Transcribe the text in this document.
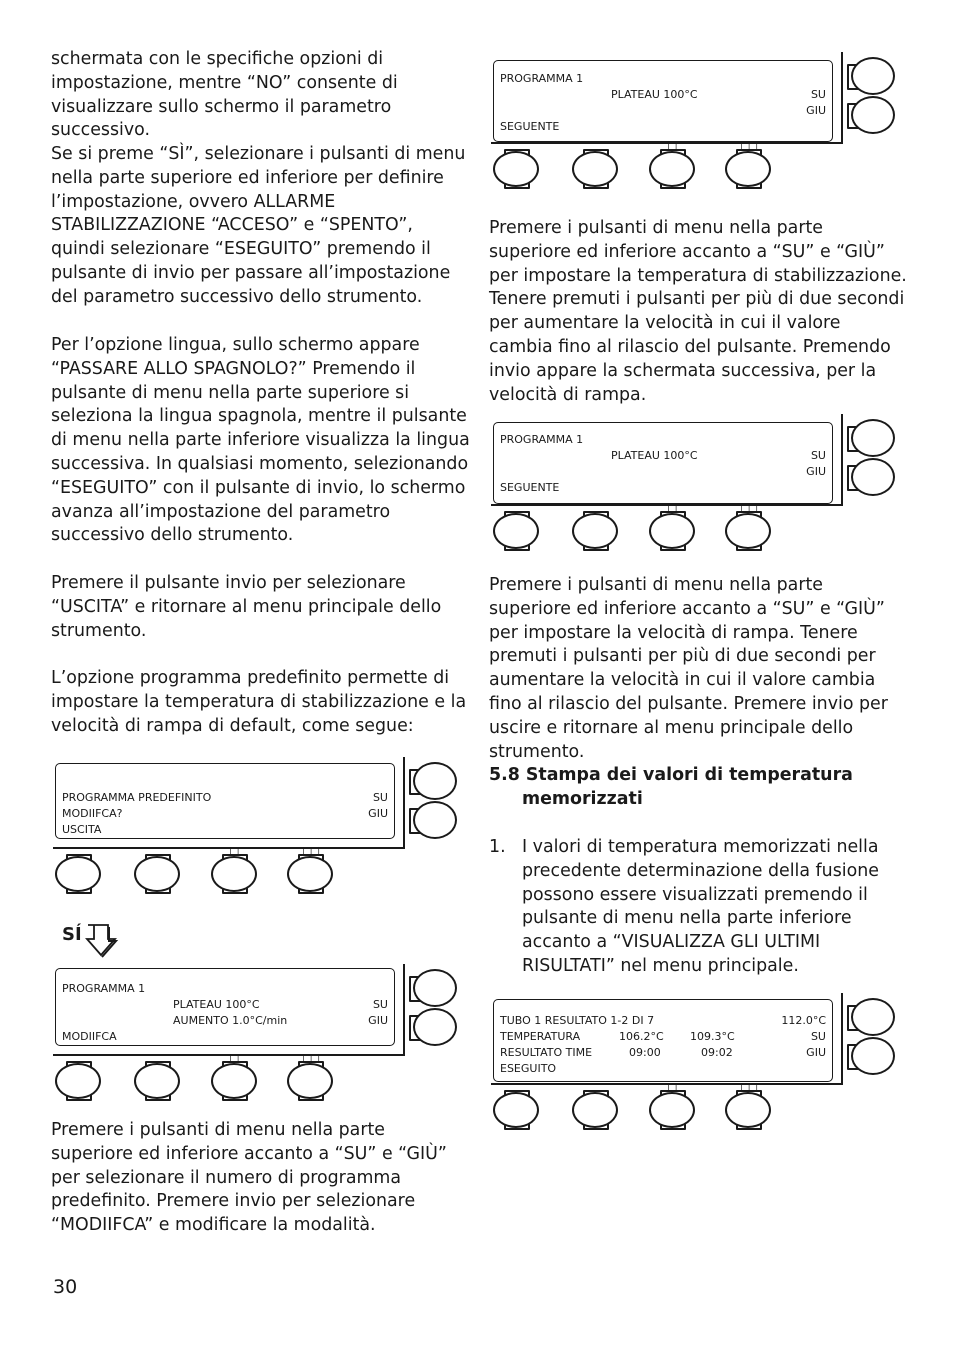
schermata con le specifiche opzioni di impostazione, mentre “NO” consente di visualizzare sullo schermo il parametro successivo.

Se si preme “SÌ”, selezionare i pulsanti di menu nella parte superiore ed inferiore per definire l’impostazione, ovvero ALLARME STABILIZZAZIONE “ACCESO” e “SPENTO”, quindi selezionare “ESEGUITO” premendo il pulsante di invio per passare all’impostazione del parametro successivo dello strumento.

Per l’opzione lingua, sullo schermo appare “PASSARE ALLO SPAGNOLO?” Premendo il pulsante di menu nella parte superiore si seleziona la lingua spagnola, mentre il pulsante di menu nella parte inferiore visualizza la lingua successiva. In qualsiasi momento, selezionando “ESEGUITO” con il pulsante di invio, lo schermo avanza all’impostazione del parametro successivo dello strumento.

Premere il pulsante invio per selezionare “USCITA” e ritornare al menu principale dello strumento.

L’opzione programma predefinito permette di impostare la temperatura di stabilizzazione e la velocità di rampa di default, come segue:

Premere i pulsanti di menu nella parte superiore ed inferiore accanto a “SU” e “GIÙ” per selezionare il numero di programma predefinito. Premere invio per selezionare “MODIIFCA” e modificare la modalità.

Premere i pulsanti di menu nella parte superiore ed inferiore accanto a “SU” e “GIÙ” per impostare la temperatura di stabilizzazione. Tenere premuti i pulsanti per più di due secondi per aumentare la velocità in cui il valore cambia fino al rilascio del pulsante. Premendo invio appare la schermata successiva, per la velocità di rampa.

Premere i pulsanti di menu nella parte superiore ed inferiore accanto a “SU” e “GIÙ” per impostare la velocità di rampa. Tenere premuti i pulsanti per più di due secondi per aumentare la velocità in cui il valore cambia fino al rilascio del pulsante. Premere invio per uscire e ritornare al menu principale dello strumento.

5.8 Stampa dei valori di temperatura
memorizzati
1. I valori di temperatura memorizzati nella precedente determinazione della fusione possono essere visualizzati premendo il pulsante di menu nella parte inferiore accanto a “VISUALIZZA GLI ULTIMI RISULTATI” nel menu principale.

30
SÍ
PROGRAMMA PREDEFINITO	SU
MODIIFCA?	GIU
USCITA
❘❘	❘❘❘
PROGRAMMA 1
PLATEAU 100°C	SU
AUMENTO 1.0°C/min	GIU
MODIIFCA
❘❘	❘❘❘
PROGRAMMA 1
PLATEAU 100°C	SU
GIU
SEGUENTE
❘❘	❘❘❘
PROGRAMMA 1
PLATEAU 100°C	SU
GIU
SEGUENTE
❘❘	❘❘❘
TUBO 1 RESULTATO 1-2 DI 7	112.0°C
TEMPERATURA	106.2°C 109.3°C	SU
RESULTATO TIME	09:00	09:02	GIU
ESEGUITO
❘❘	❘❘❘
